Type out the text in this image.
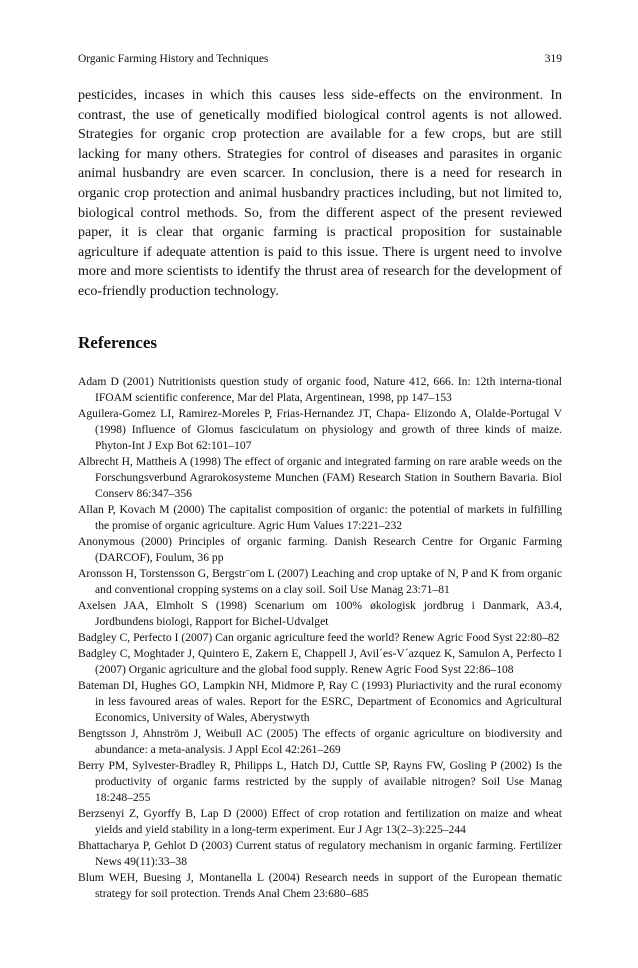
Organic Farming History and Techniques	319

pesticides, incases in which this causes less side-effects on the environment. In contrast, the use of genetically modified biological control agents is not allowed. Strategies for organic crop protection are available for a few crops, but are still lacking for many others. Strategies for control of diseases and parasites in organic animal husbandry are even scarcer. In conclusion, there is a need for research in organic crop protection and animal husbandry practices including, but not limited to, biological control methods. So, from the different aspect of the present reviewed paper, it is clear that organic farming is practical proposition for sustainable agriculture if adequate attention is paid to this issue. There is urgent need to involve more and more scientists to identify the thrust area of research for the development of eco-friendly production technology.

References
Adam D (2001) Nutritionists question study of organic food, Nature 412, 666. In: 12th interna-tional IFOAM scientific conference, Mar del Plata, Argentinean, 1998, pp 147–153
Aguilera-Gomez LI, Ramirez-Moreles P, Frias-Hernandez JT, Chapa- Elizondo A, Olalde-Portugal V (1998) Influence of Glomus fasciculatum on physiology and growth of three kinds of maize. Phyton-Int J Exp Bot 62:101–107
Albrecht H, Mattheis A (1998) The effect of organic and integrated farming on rare arable weeds on the Forschungsverbund Agrarokosysteme Munchen (FAM) Research Station in Southern Bavaria. Biol Conserv 86:347–356
Allan P, Kovach M (2000) The capitalist composition of organic: the potential of markets in fulfilling the promise of organic agriculture. Agric Hum Values 17:221–232
Anonymous (2000) Principles of organic farming. Danish Research Centre for Organic Farming (DARCOF), Foulum, 36 pp
Aronsson H, Torstensson G, Bergstr¨om L (2007) Leaching and crop uptake of N, P and K from organic and conventional cropping systems on a clay soil. Soil Use Manag 23:71–81
Axelsen JAA, Elmholt S (1998) Scenarium om 100% økologisk jordbrug i Danmark, A3.4, Jordbundens biologi, Rapport for Bichel-Udvalget
Badgley C, Perfecto I (2007) Can organic agriculture feed the world? Renew Agric Food Syst 22:80–82
Badgley C, Moghtader J, Quintero E, Zakern E, Chappell J, Avil´es-V´azquez K, Samulon A, Perfecto I (2007) Organic agriculture and the global food supply. Renew Agric Food Syst 22:86–108
Bateman DI, Hughes GO, Lampkin NH, Midmore P, Ray C (1993) Pluriactivity and the rural economy in less favoured areas of wales. Report for the ESRC, Department of Economics and Agricultural Economics, University of Wales, Aberystwyth
Bengtsson J, Ahnström J, Weibull AC (2005) The effects of organic agriculture on biodiversity and abundance: a meta-analysis. J Appl Ecol 42:261–269
Berry PM, Sylvester-Bradley R, Philipps L, Hatch DJ, Cuttle SP, Rayns FW, Gosling P (2002) Is the productivity of organic farms restricted by the supply of available nitrogen? Soil Use Manag 18:248–255
Berzsenyi Z, Gyorffy B, Lap D (2000) Effect of crop rotation and fertilization on maize and wheat yields and yield stability in a long-term experiment. Eur J Agr 13(2–3):225–244
Bhattacharya P, Gehlot D (2003) Current status of regulatory mechanism in organic farming. Fertilizer News 49(11):33–38
Blum WEH, Buesing J, Montanella L (2004) Research needs in support of the European thematic strategy for soil protection. Trends Anal Chem 23:680–685
